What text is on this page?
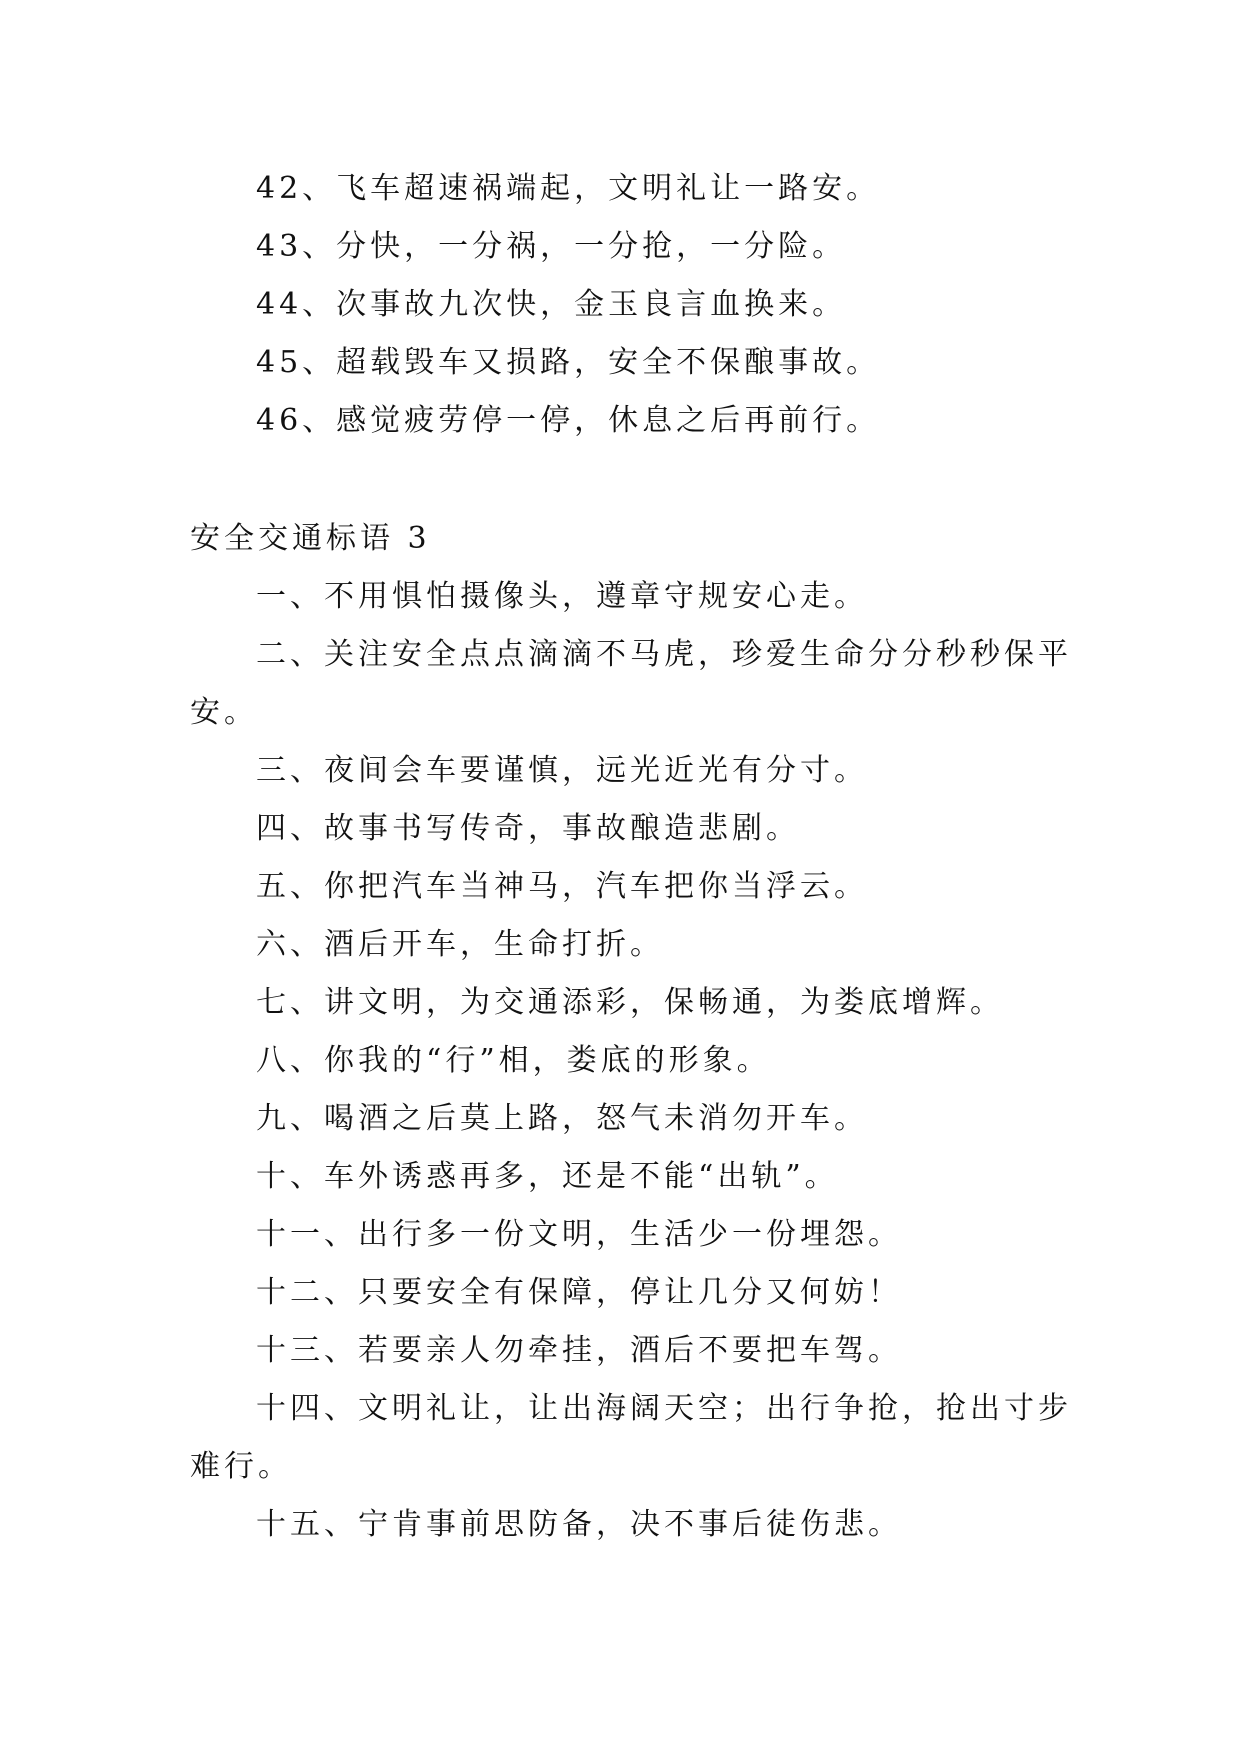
42、飞车超速祸端起，文明礼让一路安。
43、分快，一分祸，一分抢，一分险。
44、次事故九次快，金玉良言血换来。
45、超载毁车又损路，安全不保酿事故。
46、感觉疲劳停一停，休息之后再前行。
安全交通标语 3
一、不用惧怕摄像头，遵章守规安心走。
二、关注安全点点滴滴不马虎，珍爱生命分分秒秒保平
安。
三、夜间会车要谨慎，远光近光有分寸。
四、故事书写传奇，事故酿造悲剧。
五、你把汽车当神马，汽车把你当浮云。
六、酒后开车，生命打折。
七、讲文明，为交通添彩，保畅通，为娄底增辉。
八、你我的“行”相，娄底的形象。
九、喝酒之后莫上路，怒气未消勿开车。
十、车外诱惑再多，还是不能“出轨”。
十一、出行多一份文明，生活少一份埋怨。
十二、只要安全有保障，停让几分又何妨！
十三、若要亲人勿牵挂，酒后不要把车驾。
十四、文明礼让，让出海阔天空；出行争抢，抢出寸步
难行。
十五、宁肯事前思防备，决不事后徒伤悲。
